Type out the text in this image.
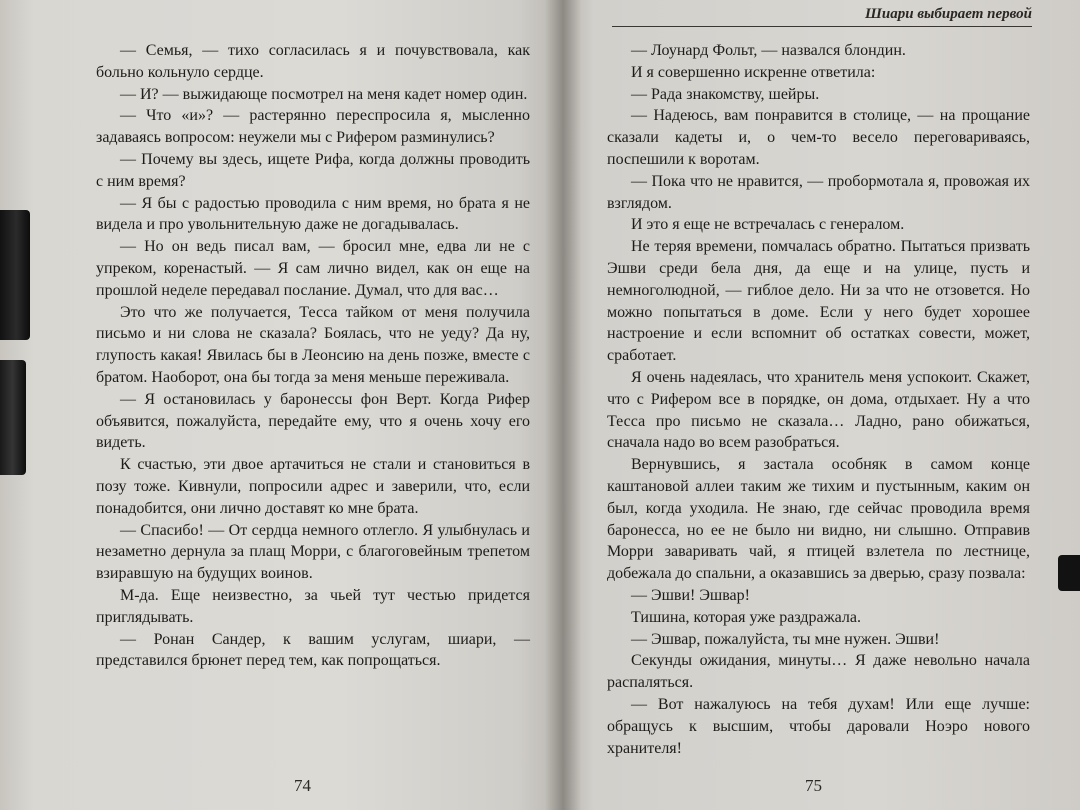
Шиари выбирает первой

— Семья, — тихо согласилась я и почувствовала, как больно кольнуло сердце.

— И? — выжидающе посмотрел на меня кадет номер один.

— Что «и»? — растерянно переспросила я, мысленно задаваясь вопросом: неужели мы с Рифером разминулись?

— Почему вы здесь, ищете Рифа, когда должны проводить с ним время?

— Я бы с радостью проводила с ним время, но брата я не видела и про увольнительную даже не догадывалась.

— Но он ведь писал вам, — бросил мне, едва ли не с упреком, коренастый. — Я сам лично видел, как он еще на прошлой неделе передавал послание. Думал, что для вас…

Это что же получается, Тесса тайком от меня получила письмо и ни слова не сказала? Боялась, что не уеду? Да ну, глупость какая! Явилась бы в Леонсию на день позже, вместе с братом. Наоборот, она бы тогда за меня меньше переживала.

— Я остановилась у баронессы фон Верт. Когда Рифер объявится, пожалуйста, передайте ему, что я очень хочу его видеть.

К счастью, эти двое артачиться не стали и становиться в позу тоже. Кивнули, попросили адрес и заверили, что, если понадобится, они лично доставят ко мне брата.

— Спасибо! — От сердца немного отлегло. Я улыбнулась и незаметно дернула за плащ Морри, с благоговейным трепетом взиравшую на будущих воинов.

М-да. Еще неизвестно, за чьей тут честью придется приглядывать.

— Ронан Сандер, к вашим услугам, шиари, — представился брюнет перед тем, как попрощаться.

— Лоунард Фольт, — назвался блондин.

И я совершенно искренне ответила:

— Рада знакомству, шейры.

— Надеюсь, вам понравится в столице, — на прощание сказали кадеты и, о чем-то весело переговариваясь, поспешили к воротам.

— Пока что не нравится, — пробормотала я, провожая их взглядом.

И это я еще не встречалась с генералом.

Не теряя времени, помчалась обратно. Пытаться призвать Эшви среди бела дня, да еще и на улице, пусть и немноголюдной, — гиблое дело. Ни за что не отзовется. Но можно попытаться в доме. Если у него будет хорошее настроение и если вспомнит об остатках совести, может, сработает.

Я очень надеялась, что хранитель меня успокоит. Скажет, что с Рифером все в порядке, он дома, отдыхает. Ну а что Тесса про письмо не сказала… Ладно, рано обижаться, сначала надо во всем разобраться.

Вернувшись, я застала особняк в самом конце каштановой аллеи таким же тихим и пустынным, каким он был, когда уходила. Не знаю, где сейчас проводила время баронесса, но ее не было ни видно, ни слышно. Отправив Морри заваривать чай, я птицей взлетела по лестнице, добежала до спальни, а оказавшись за дверью, сразу позвала:

— Эшви! Эшвар!

Тишина, которая уже раздражала.

— Эшвар, пожалуйста, ты мне нужен. Эшви!

Секунды ожидания, минуты… Я даже невольно начала распаляться.

— Вот нажалуюсь на тебя духам! Или еще лучше: обращусь к высшим, чтобы даровали Ноэро нового хранителя!

74	75
